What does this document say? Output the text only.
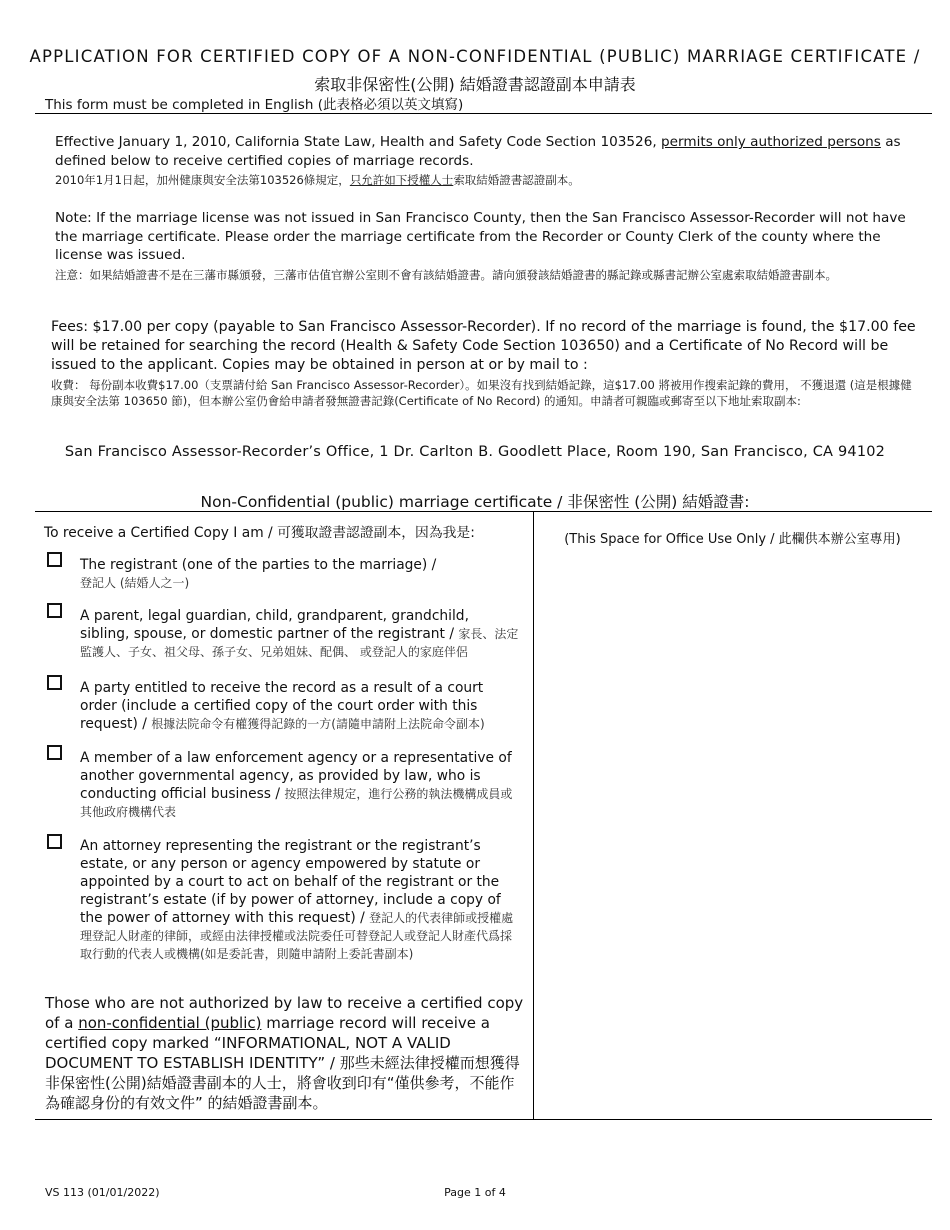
APPLICATION FOR CERTIFIED COPY OF A NON-CONFIDENTIAL (PUBLIC) MARRIAGE CERTIFICATE /
索取非保密性(公開) 結婚證書認證副本申請表
This form must be completed in English (此表格必須以英文填寫)
Effective January 1, 2010, California State Law, Health and Safety Code Section 103526, permits only authorized persons as defined below to receive certified copies of marriage records.
2010年1月1日起，加州健康與安全法第103526條規定，只允許如下授權人士索取結婚證書認證副本。
Note: If the marriage license was not issued in San Francisco County, then the San Francisco Assessor-Recorder will not have the marriage certificate. Please order the marriage certificate from the Recorder or County Clerk of the county where the license was issued.
注意：如果結婚證書不是在三藩市縣頒發，三藩市估值官辦公室則不會有該結婚證書。請向頒發該結婚證書的縣記錄或縣書記辦公室處索取結婚證書副本。
Fees: $17.00 per copy (payable to San Francisco Assessor-Recorder). If no record of the marriage is found, the $17.00 fee will be retained for searching the record (Health & Safety Code Section 103650) and a Certificate of No Record will be issued to the applicant. Copies may be obtained in person at or by mail to :
收費： 每份副本收費$17.00（支票請付給 San Francisco Assessor-Recorder）。如果沒有找到結婚記錄，這$17.00 將被用作搜索記錄的費用， 不獲退還 (這是根據健康與安全法第 103650 節)，但本辦公室仍會給申請者發無證書記錄(Certificate of No Record) 的通知。申請者可親臨或郵寄至以下地址索取副本:
San Francisco Assessor-Recorder’s Office, 1 Dr. Carlton B. Goodlett Place, Room 190, San Francisco, CA 94102
Non-Confidential (public) marriage certificate / 非保密性 (公開) 結婚證書:
To receive a Certified Copy I am / 可獲取證書認證副本，因為我是:	(This Space for Office Use Only / 此欄供本辦公室專用)
The registrant (one of the parties to the marriage) /
登記人 (結婚人之一)
A parent, legal guardian, child, grandparent, grandchild, sibling, spouse, or domestic partner of the registrant / 家長、法定監護人、子女、祖父母、孫子女、兄弟姐妹、配偶、 或登記人的家庭伴侶
A party entitled to receive the record as a result of a court order (include a certified copy of the court order with this request) / 根據法院命令有權獲得記錄的一方(請隨申請附上法院命令副本)
A member of a law enforcement agency or a representative of another governmental agency, as provided by law, who is conducting official business / 按照法律規定，進行公務的執法機構成員或其他政府機構代表
An attorney representing the registrant or the registrant’s estate, or any person or agency empowered by statute or appointed by a court to act on behalf of the registrant or the registrant’s estate (if by power of attorney, include a copy of the power of attorney with this request) / 登記人的代表律師或授權處理登記人財產的律師，或經由法律授權或法院委任可替登記人或登記人財產代爲採取行動的代表人或機構(如是委託書，則隨申請附上委託書副本)
Those who are not authorized by law to receive a certified copy of a non-confidential (public) marriage record will receive a certified copy marked “INFORMATIONAL, NOT A VALID DOCUMENT TO ESTABLISH IDENTITY” / 那些未經法律授權而想獲得非保密性(公開)結婚證書副本的人士，將會收到印有“僅供參考，不能作為確認身份的有效文件” 的結婚證書副本。
VS 113 (01/01/2022)	Page 1 of 4
